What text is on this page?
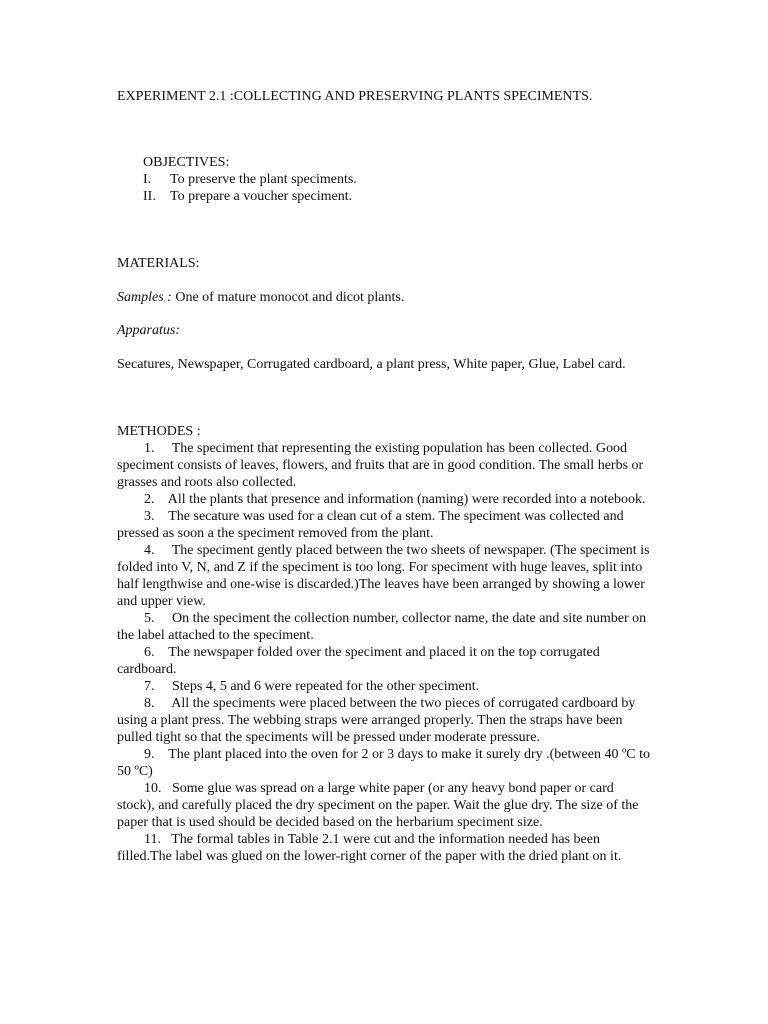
EXPERIMENT 2.1 :COLLECTING AND PRESERVING PLANTS SPECIMENTS.
OBJECTIVES:
I. To preserve the plant speciments.
II. To prepare a voucher speciment.
MATERIALS:
Samples : One of mature monocot and dicot plants.
Apparatus:
Secatures, Newspaper, Corrugated cardboard, a plant press, White paper, Glue, Label card.
METHODES :

1. The speciment that representing the existing population has been collected. Good speciment consists of leaves, flowers, and fruits that are in good condition. The small herbs or grasses and roots also collected.

2. All the plants that presence and information (naming) were recorded into a notebook.

3. The secature was used for a clean cut of a stem. The speciment was collected and pressed as soon a the speciment removed from the plant.

4. The speciment gently placed between the two sheets of newspaper. (The speciment is folded into V, N, and Z if the speciment is too long. For speciment with huge leaves, split into half lengthwise and one-wise is discarded.)The leaves have been arranged by showing a lower and upper view.

5. On the speciment the collection number, collector name, the date and site number on the label attached to the speciment.

6. The newspaper folded over the speciment and placed it on the top corrugated cardboard.

7. Steps 4, 5 and 6 were repeated for the other speciment.

8. All the speciments were placed between the two pieces of corrugated cardboard by using a plant press. The webbing straps were arranged properly. Then the straps have been pulled tight so that the speciments will be pressed under moderate pressure.

9. The plant placed into the oven for 2 or 3 days to make it surely dry .(between 40 ºC to 50 ºC)

10. Some glue was spread on a large white paper (or any heavy bond paper or card stock), and carefully placed the dry speciment on the paper. Wait the glue dry. The size of the paper that is used should be decided based on the herbarium speciment size.

11. The formal tables in Table 2.1 were cut and the information needed has been filled.The label was glued on the lower-right corner of the paper with the dried plant on it.
